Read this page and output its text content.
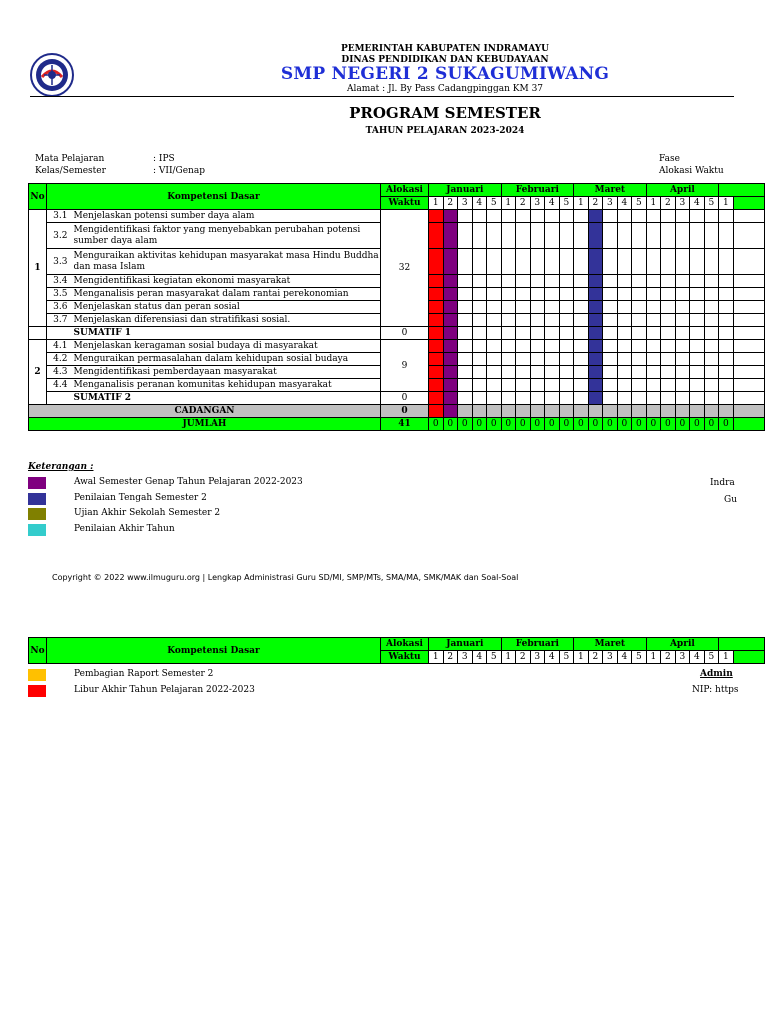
PEMERINTAH KABUPATEN INDRAMAYU
DINAS PENDIDIKAN DAN KEBUDAYAAN
SMP NEGERI 2 SUKAGUMIWANG
Alamat : Jl. By Pass Cadangpinggan KM 37
PROGRAM SEMESTER
TAHUN PELAJARAN 2023-2024
Mata Pelajaran	: IPS
Kelas/Semester	: VII/Genap
Fase
Alokasi Waktu
No	Kompetensi Dasar		Alokasi	Januari					Februari					Maret					April						
			Waktu	1	2	3	4	5	1	2	3	4	5	1	2	3	4	5	1	2	3	4	5	1	
1	3.1	Menjelaskan potensi sumber daya alam	32																						
	3.2	Mengidentifikasi faktor yang menyebabkan perubahan potensi sumber daya alam																							
	3.3	Menguraikan aktivitas kehidupan masyarakat masa Hindu Buddha dan masa Islam																							
	3.4	Mengidentifikasi kegiatan ekonomi masyarakat																							
	3.5	Menganalisis peran masyarakat dalam rantai perekonomian																							
	3.6	Menjelaskan status dan peran sosial																							
	3.7	Menjelaskan diferensiasi dan stratifikasi sosial.																							
		SUMATIF 1	0																						
2	4.1	Menjelaskan keragaman sosial budaya di masyarakat	9																						
	4.2	Menguraikan permasalahan dalam kehidupan sosial budaya																							
	4.3	Mengidentifikasi pemberdayaan masyarakat																							
	4.4	Menganalisis peranan komunitas kehidupan masyarakat																							
		SUMATIF 2	0																						
CADANGAN			0																						
JUMLAH			41	0	0	0	0	0	0	0	0	0	0	0	0	0	0	0	0	0	0	0	0	0	
Keterangan :
Awal Semester Genap Tahun Pelajaran 2022-2023
Penilaian Tengah Semester 2
Ujian Akhir Sekolah Semester 2
Penilaian Akhir Tahun
Indra
Gu
Copyright © 2022 www.ilmuguru.org | Lengkap Administrasi Guru SD/MI, SMP/MTs, SMA/MA, SMK/MAK dan Soal-Soal
No	Kompetensi Dasar	Alokasi	Januari					Februari					Maret					April						
		Waktu	1	2	3	4	5	1	2	3	4	5	1	2	3	4	5	1	2	3	4	5	1	
Pembagian Raport Semester 2
Libur Akhir Tahun Pelajaran 2022-2023
Admin
NIP: https
